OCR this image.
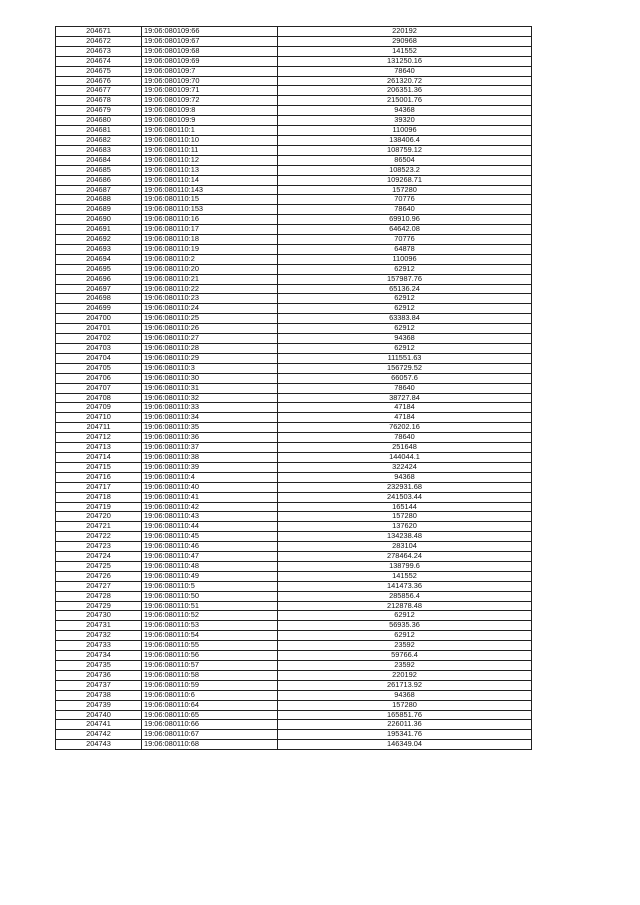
204671	19:06:080109:66	220192
204672	19:06:080109:67	290968
204673	19:06:080109:68	141552
204674	19:06:080109:69	131250.16
204675	19:06:080109:7	78640
204676	19:06:080109:70	261320.72
204677	19:06:080109:71	206351.36
204678	19:06:080109:72	215001.76
204679	19:06:080109:8	94368
204680	19:06:080109:9	39320
204681	19:06:080110:1	110096
204682	19:06:080110:10	138406.4
204683	19:06:080110:11	108759.12
204684	19:06:080110:12	86504
204685	19:06:080110:13	108523.2
204686	19:06:080110:14	109268.71
204687	19:06:080110:143	157280
204688	19:06:080110:15	70776
204689	19:06:080110:153	78640
204690	19:06:080110:16	69910.96
204691	19:06:080110:17	64642.08
204692	19:06:080110:18	70776
204693	19:06:080110:19	64878
204694	19:06:080110:2	110096
204695	19:06:080110:20	62912
204696	19:06:080110:21	157987.76
204697	19:06:080110:22	65136.24
204698	19:06:080110:23	62912
204699	19:06:080110:24	62912
204700	19:06:080110:25	63383.84
204701	19:06:080110:26	62912
204702	19:06:080110:27	94368
204703	19:06:080110:28	62912
204704	19:06:080110:29	111551.63
204705	19:06:080110:3	156729.52
204706	19:06:080110:30	66057.6
204707	19:06:080110:31	78640
204708	19:06:080110:32	38727.84
204709	19:06:080110:33	47184
204710	19:06:080110:34	47184
204711	19:06:080110:35	76202.16
204712	19:06:080110:36	78640
204713	19:06:080110:37	251648
204714	19:06:080110:38	144044.1
204715	19:06:080110:39	322424
204716	19:06:080110:4	94368
204717	19:06:080110:40	232931.68
204718	19:06:080110:41	241503.44
204719	19:06:080110:42	165144
204720	19:06:080110:43	157280
204721	19:06:080110:44	137620
204722	19:06:080110:45	134238.48
204723	19:06:080110:46	283104
204724	19:06:080110:47	278464.24
204725	19:06:080110:48	138799.6
204726	19:06:080110:49	141552
204727	19:06:080110:5	141473.36
204728	19:06:080110:50	285856.4
204729	19:06:080110:51	212878.48
204730	19:06:080110:52	62912
204731	19:06:080110:53	56935.36
204732	19:06:080110:54	62912
204733	19:06:080110:55	23592
204734	19:06:080110:56	59766.4
204735	19:06:080110:57	23592
204736	19:06:080110:58	220192
204737	19:06:080110:59	261713.92
204738	19:06:080110:6	94368
204739	19:06:080110:64	157280
204740	19:06:080110:65	165851.76
204741	19:06:080110:66	226011.36
204742	19:06:080110:67	195341.76
204743	19:06:080110:68	146349.04
